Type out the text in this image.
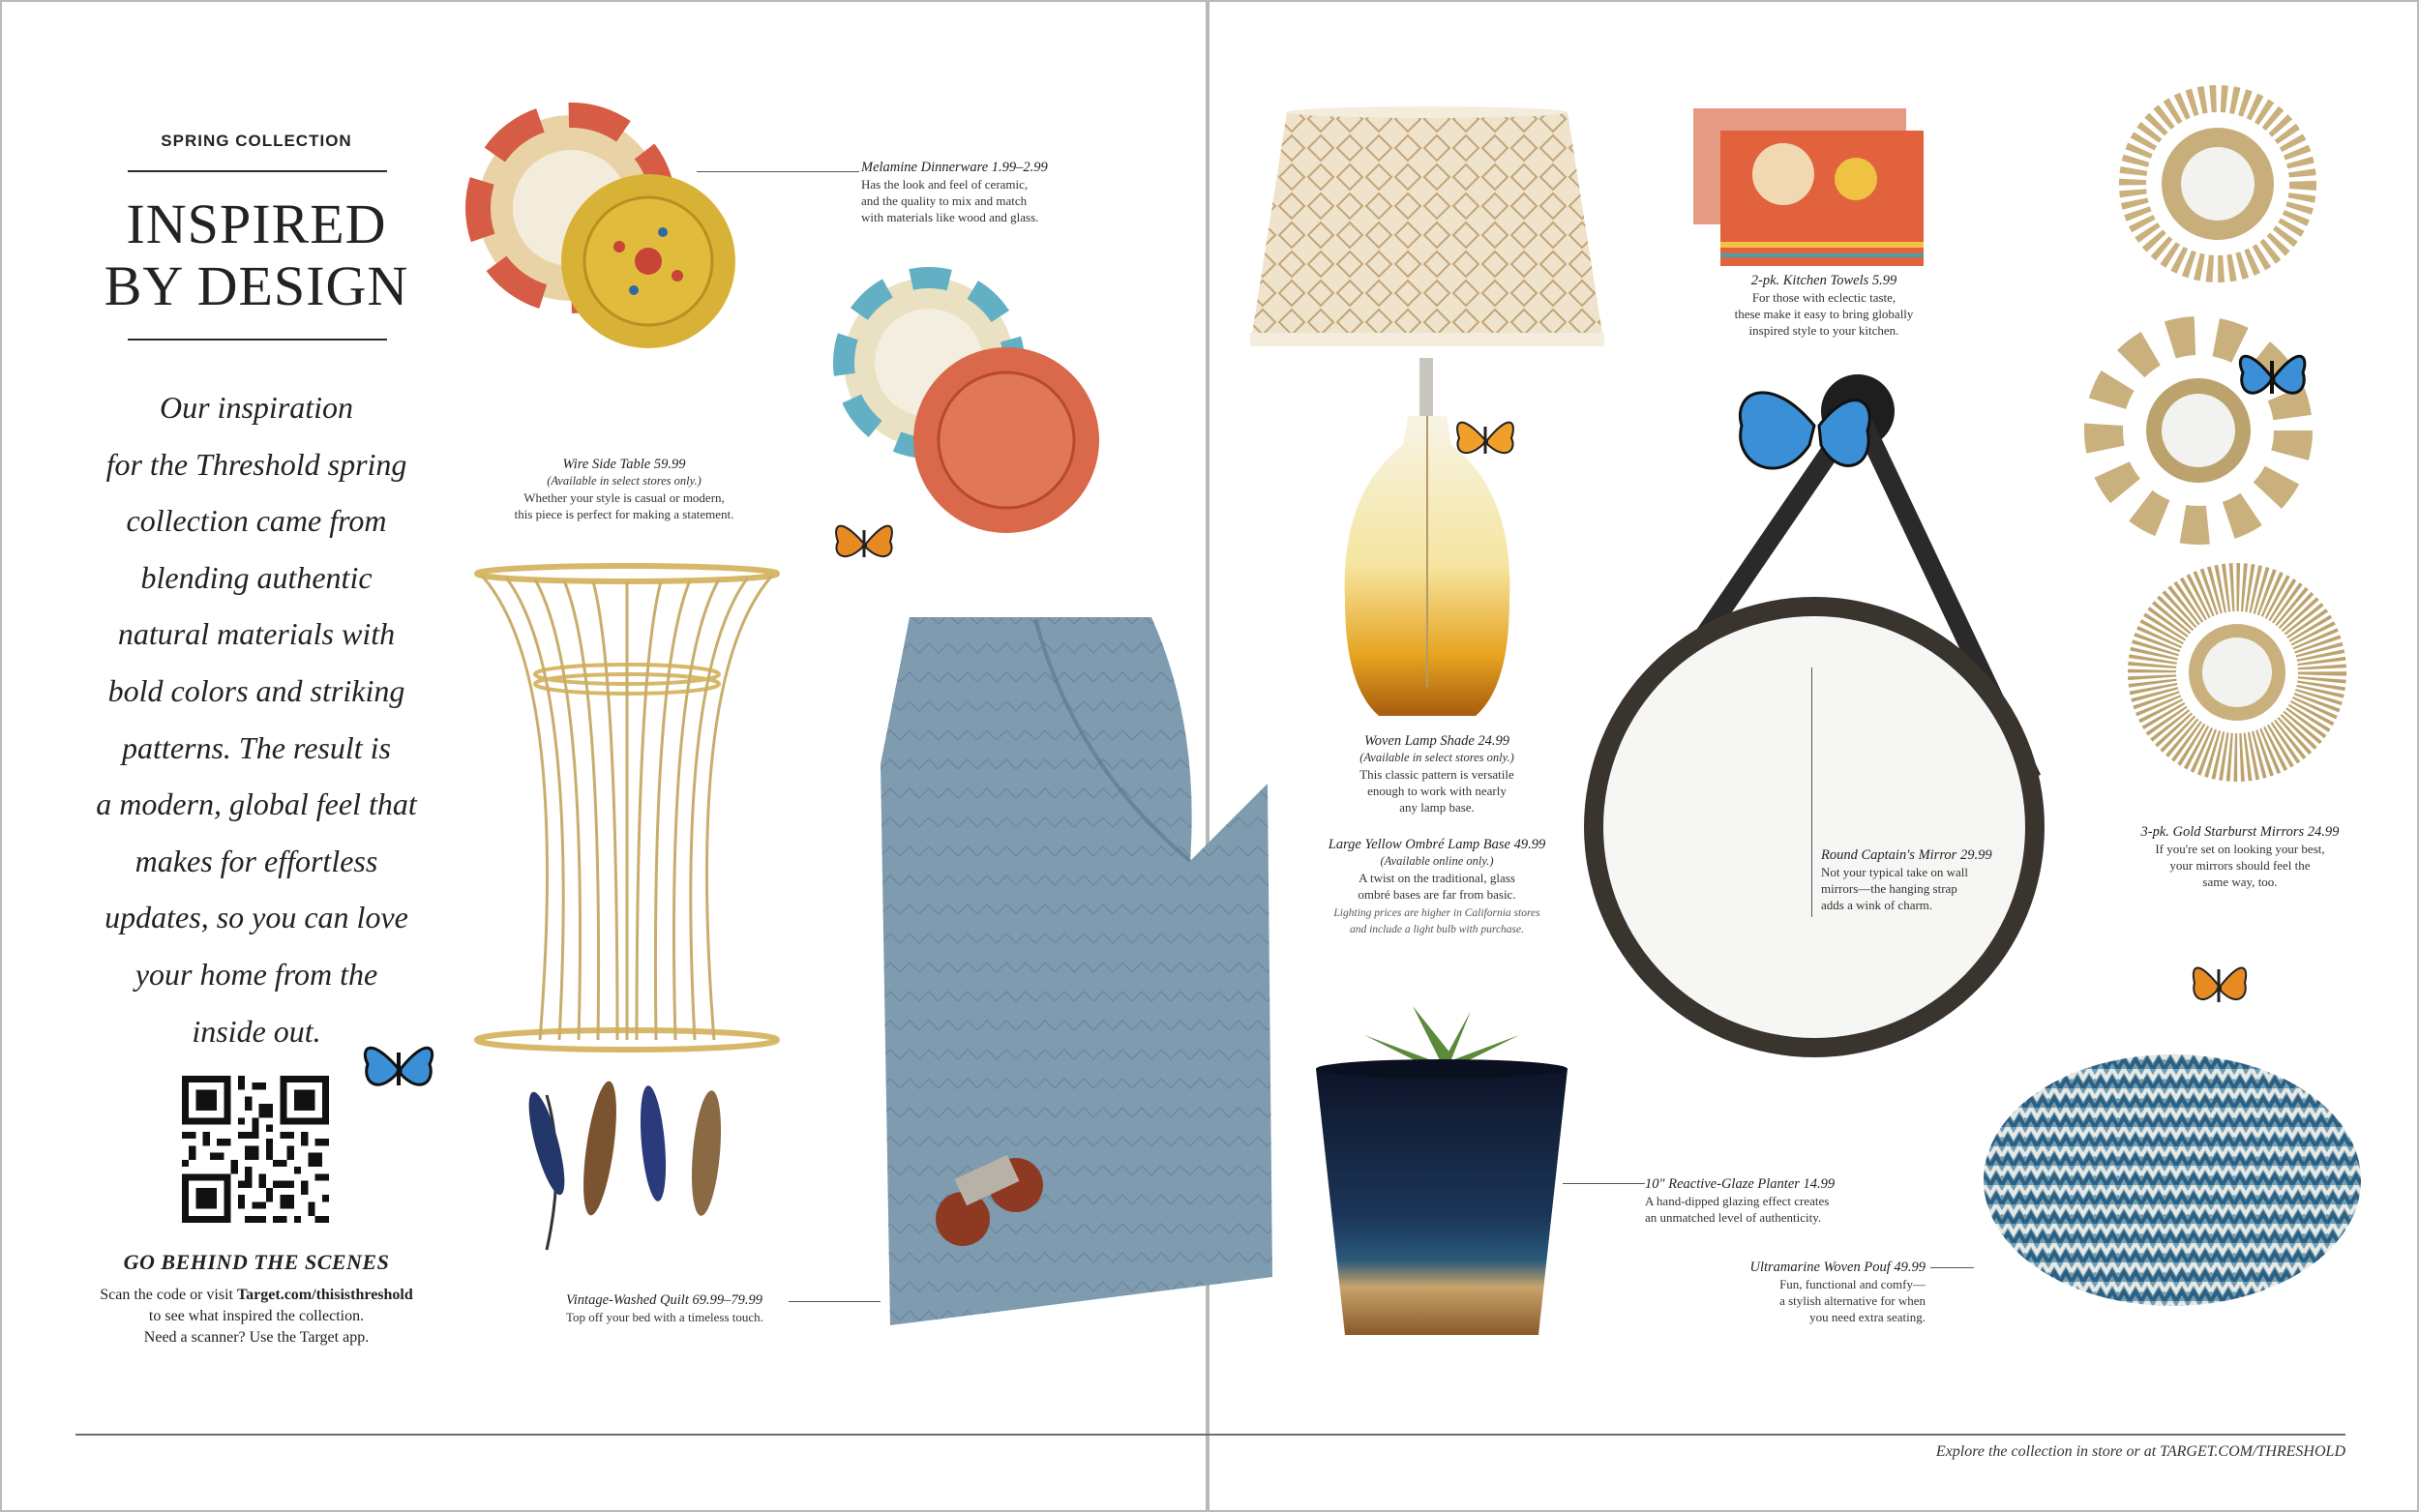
SPRING COLLECTION
INSPIRED
BY DESIGN
Our inspiration
for the Threshold spring
collection came from
blending authentic
natural materials with
bold colors and striking
patterns. The result is
a modern, global feel that
makes for effortless
updates, so you can love
your home from the
inside out.
GO BEHIND THE SCENES
Scan the code or visit Target.com/thisisthreshold
to see what inspired the collection.
Need a scanner? Use the Target app.
Melamine Dinnerware 1.99–2.99
Has the look and feel of ceramic,
and the quality to mix and match
with materials like wood and glass.
Wire Side Table 59.99
(Available in select stores only.)
Whether your style is casual or modern,
this piece is perfect for making a statement.
Vintage-Washed Quilt 69.99–79.99
Top off your bed with a timeless touch.
Woven Lamp Shade 24.99
(Available in select stores only.)
This classic pattern is versatile
enough to work with nearly
any lamp base.
Large Yellow Ombré Lamp Base 49.99
(Available online only.)
A twist on the traditional, glass
ombré bases are far from basic.
Lighting prices are higher in California stores
and include a light bulb with purchase.
2-pk. Kitchen Towels 5.99
For those with eclectic taste,
these make it easy to bring globally
inspired style to your kitchen.
Round Captain's Mirror 29.99
Not your typical take on wall
mirrors—the hanging strap
adds a wink of charm.
3-pk. Gold Starburst Mirrors 24.99
If you're set on looking your best,
your mirrors should feel the
same way, too.
10" Reactive-Glaze Planter 14.99
A hand-dipped glazing effect creates
an unmatched level of authenticity.
Ultramarine Woven Pouf 49.99
Fun, functional and comfy—
a stylish alternative for when
you need extra seating.
Explore the collection in store or at TARGET.COM/THRESHOLD
